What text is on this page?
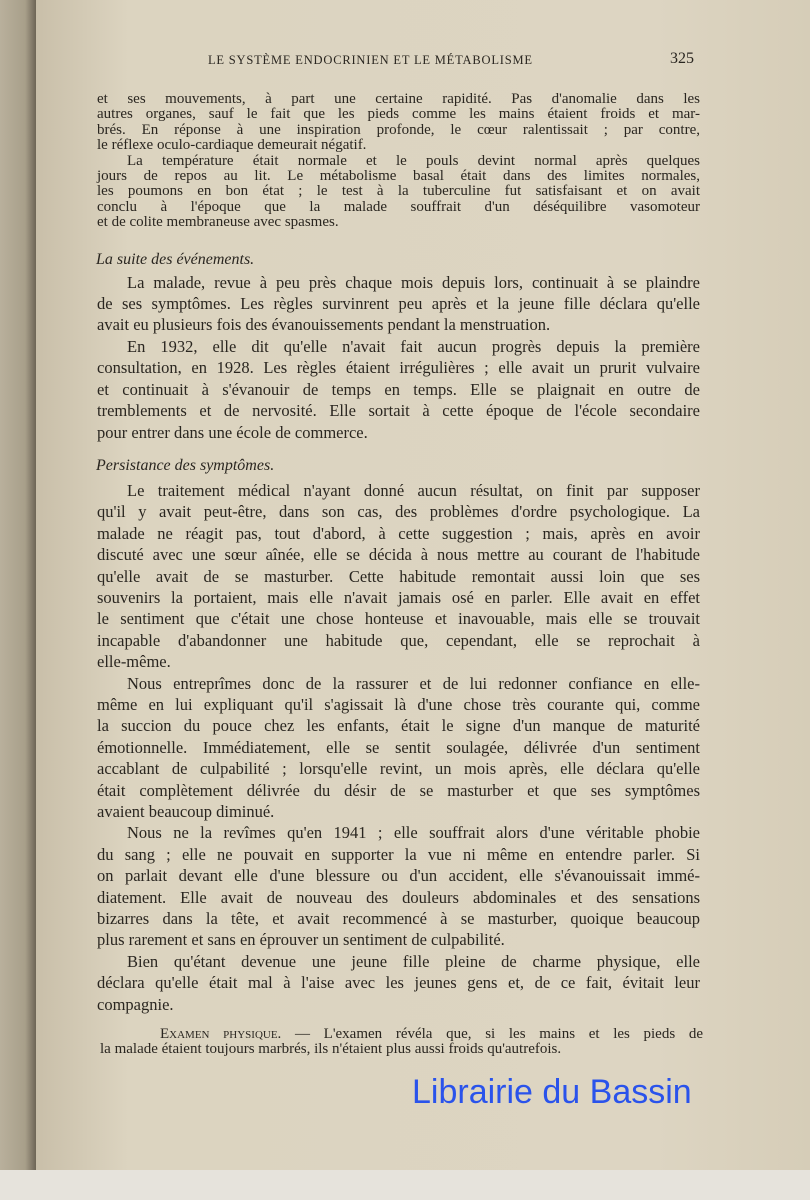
LE SYSTÈME ENDOCRINIEN ET LE MÉTABOLISME	325
et ses mouvements, à part une certaine rapidité. Pas d'anomalie dans les
autres organes, sauf le fait que les pieds comme les mains étaient froids et mar-
brés. En réponse à une inspiration profonde, le cœur ralentissait ; par contre,
le réflexe oculo-cardiaque demeurait négatif.
La température était normale et le pouls devint normal après quelques
jours de repos au lit. Le métabolisme basal était dans des limites normales,
les poumons en bon état ; le test à la tuberculine fut satisfaisant et on avait
conclu à l'époque que la malade souffrait d'un déséquilibre vasomoteur
et de colite membraneuse avec spasmes.
La suite des événements.
La malade, revue à peu près chaque mois depuis lors, continuait à se plaindre
de ses symptômes. Les règles survinrent peu après et la jeune fille déclara qu'elle
avait eu plusieurs fois des évanouissements pendant la menstruation.
En 1932, elle dit qu'elle n'avait fait aucun progrès depuis la première
consultation, en 1928. Les règles étaient irrégulières ; elle avait un prurit vulvaire
et continuait à s'évanouir de temps en temps. Elle se plaignait en outre de
tremblements et de nervosité. Elle sortait à cette époque de l'école secondaire
pour entrer dans une école de commerce.
Persistance des symptômes.
Le traitement médical n'ayant donné aucun résultat, on finit par supposer
qu'il y avait peut-être, dans son cas, des problèmes d'ordre psychologique. La
malade ne réagit pas, tout d'abord, à cette suggestion ; mais, après en avoir
discuté avec une sœur aînée, elle se décida à nous mettre au courant de l'habitude
qu'elle avait de se masturber. Cette habitude remontait aussi loin que ses
souvenirs la portaient, mais elle n'avait jamais osé en parler. Elle avait en effet
le sentiment que c'était une chose honteuse et inavouable, mais elle se trouvait
incapable d'abandonner une habitude que, cependant, elle se reprochait à
elle-même.
Nous entreprîmes donc de la rassurer et de lui redonner confiance en elle-
même en lui expliquant qu'il s'agissait là d'une chose très courante qui, comme
la succion du pouce chez les enfants, était le signe d'un manque de maturité
émotionnelle. Immédiatement, elle se sentit soulagée, délivrée d'un sentiment
accablant de culpabilité ; lorsqu'elle revint, un mois après, elle déclara qu'elle
était complètement délivrée du désir de se masturber et que ses symptômes
avaient beaucoup diminué.
Nous ne la revîmes qu'en 1941 ; elle souffrait alors d'une véritable phobie
du sang ; elle ne pouvait en supporter la vue ni même en entendre parler. Si
on parlait devant elle d'une blessure ou d'un accident, elle s'évanouissait immé-
diatement. Elle avait de nouveau des douleurs abdominales et des sensations
bizarres dans la tête, et avait recommencé à se masturber, quoique beaucoup
plus rarement et sans en éprouver un sentiment de culpabilité.
Bien qu'étant devenue une jeune fille pleine de charme physique, elle
déclara qu'elle était mal à l'aise avec les jeunes gens et, de ce fait, évitait leur
compagnie.
Examen physique. — L'examen révéla que, si les mains et les pieds de
la malade étaient toujours marbrés, ils n'étaient plus aussi froids qu'autrefois.
Librairie du Bassin
